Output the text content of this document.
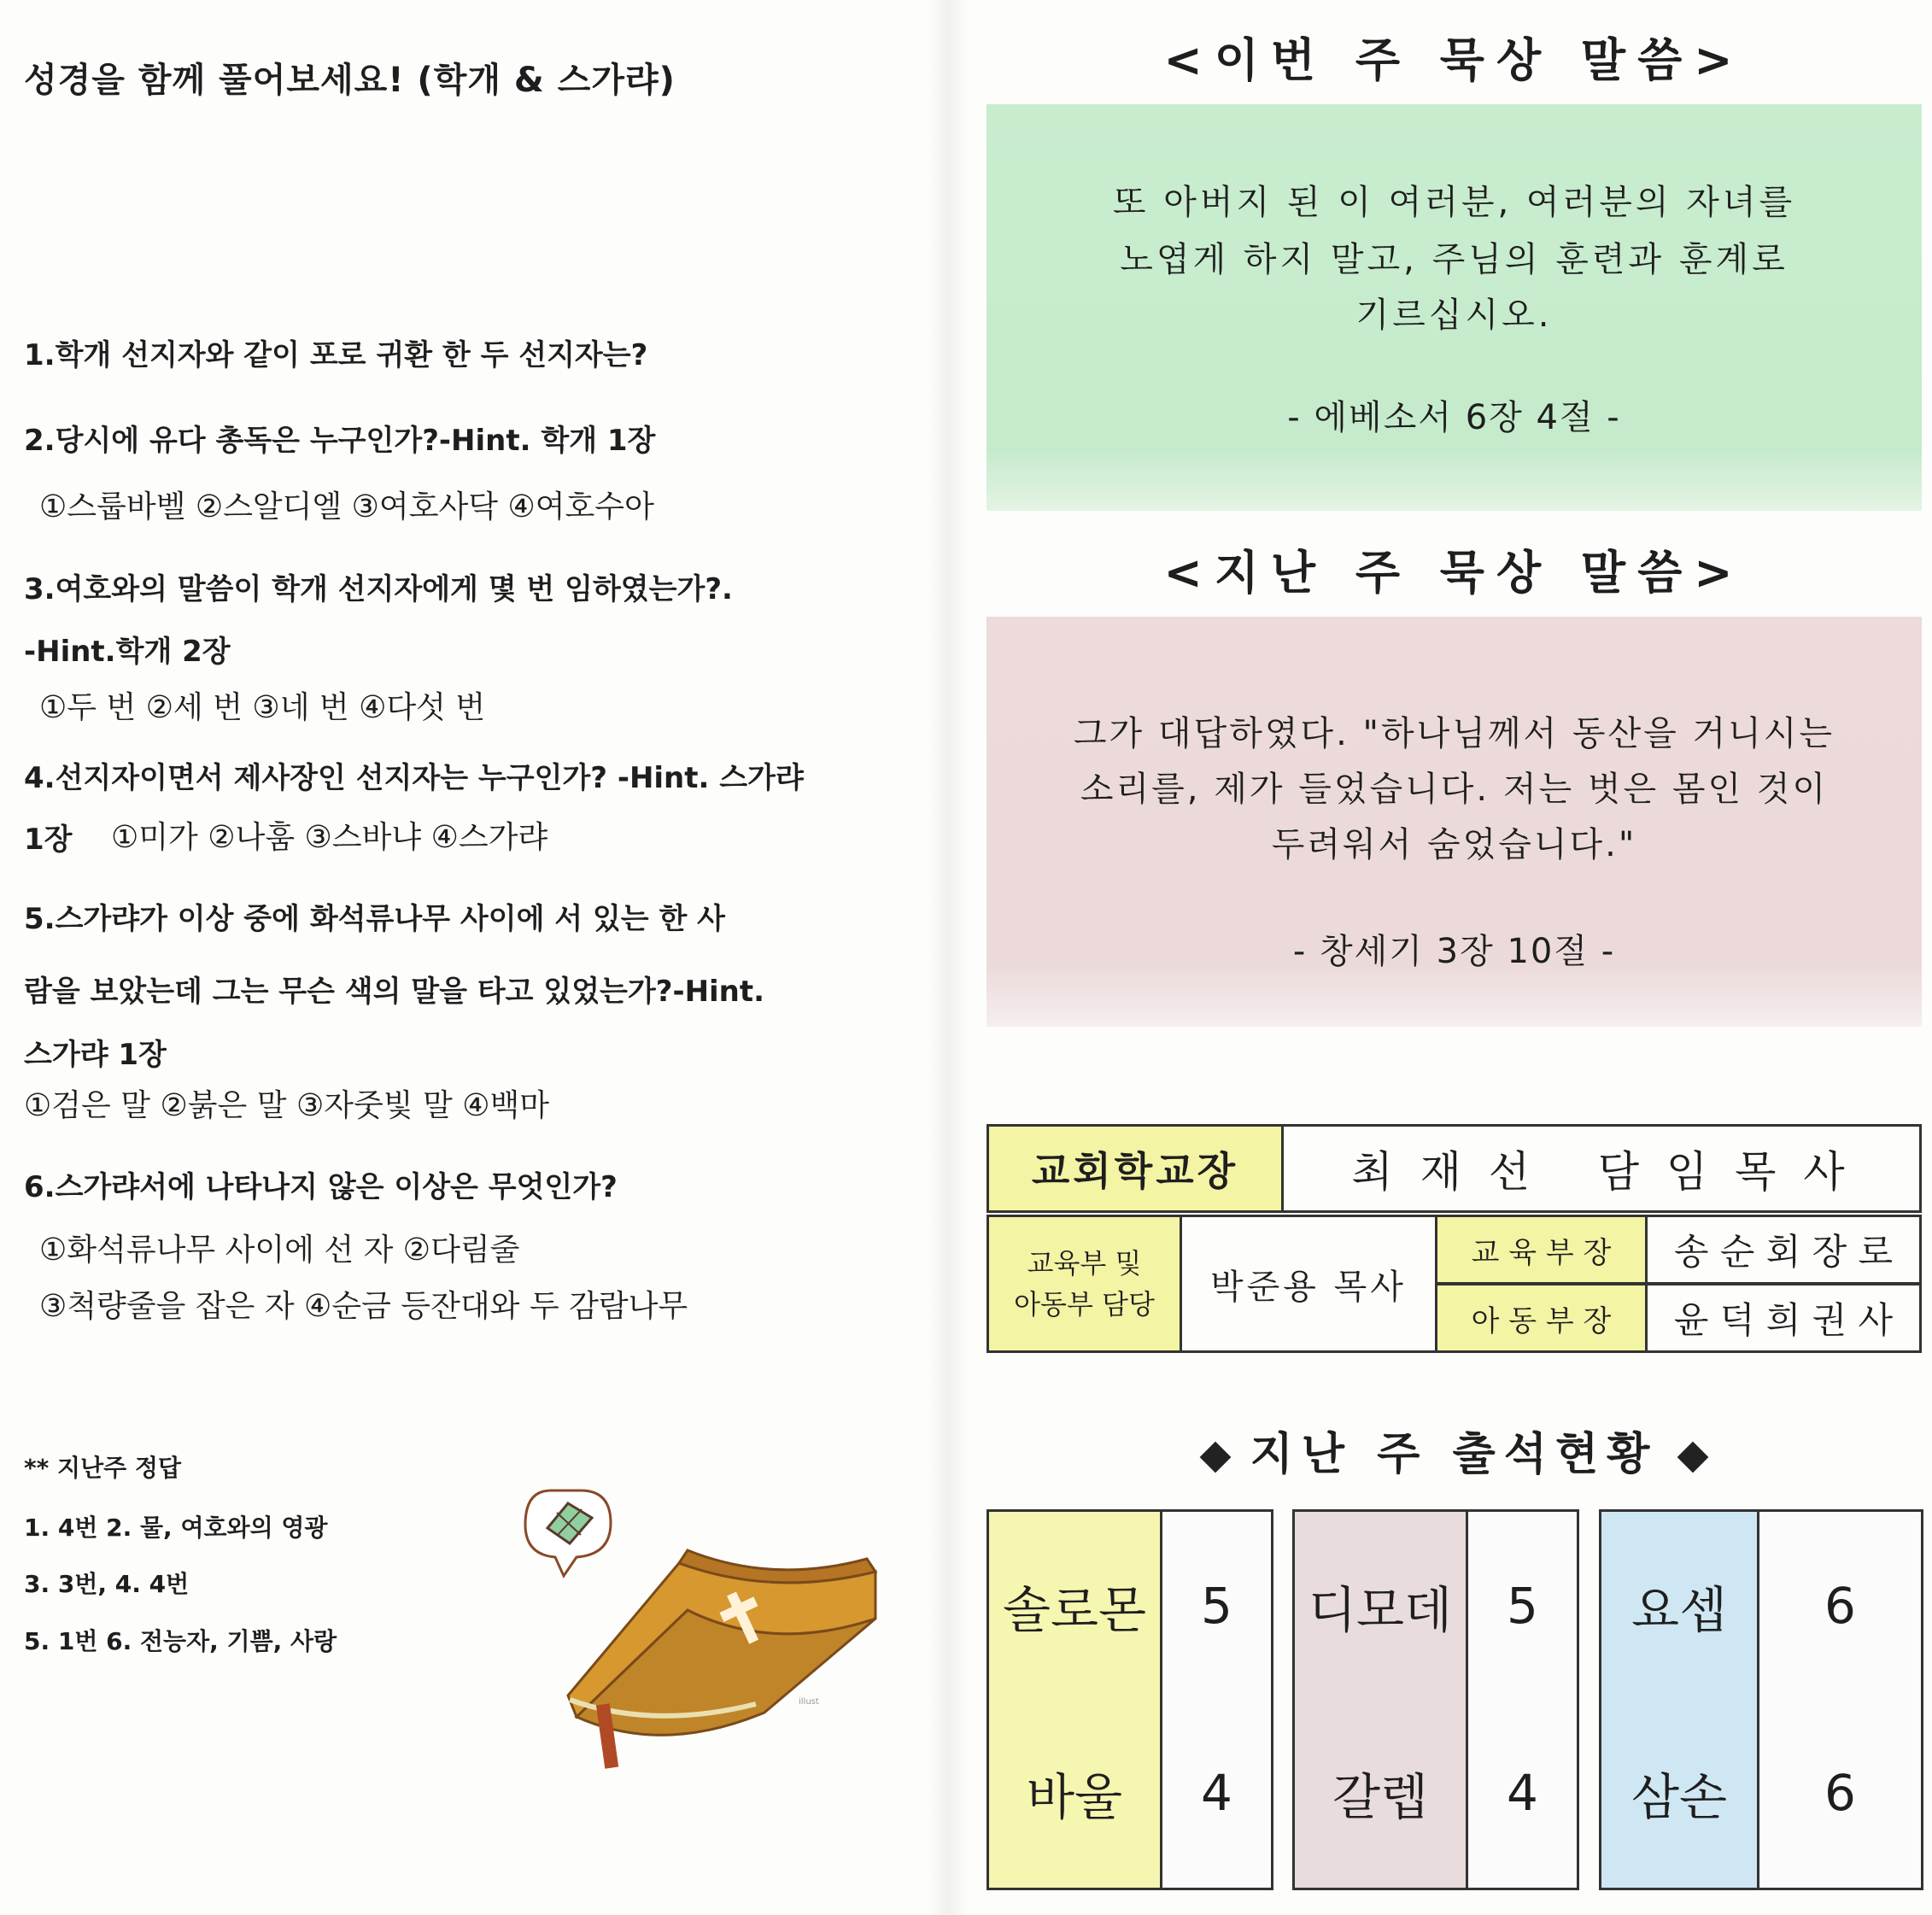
성경을 함께 풀어보세요! (학개 & 스가랴)
1.학개 선지자와 같이 포로 귀환 한 두 선지자는?
2.당시에 유다 총독은 누구인가?-Hint. 학개 1장
①스룹바벨 ②스알디엘 ③여호사닥 ④여호수아
3.여호와의 말씀이 학개 선지자에게 몇 번 임하였는가?.
-Hint.학개 2장
①두 번 ②세 번 ③네 번 ④다섯 번
4.선지자이면서 제사장인 선지자는 누구인가? -Hint. 스가랴
1장 ①미가 ②나훔 ③스바냐 ④스가랴
5.스가랴가 이상 중에 화석류나무 사이에 서 있는 한 사
람을 보았는데 그는 무슨 색의 말을 타고 있었는가?-Hint.
스가랴 1장
①검은 말 ②붉은 말 ③자줏빛 말 ④백마
6.스가랴서에 나타나지 않은 이상은 무엇인가?
①화석류나무 사이에 선 자 ②다림줄
③척량줄을 잡은 자 ④순금 등잔대와 두 감람나무
** 지난주 정답
1. 4번 2. 물, 여호와의 영광
3. 3번, 4. 4번
5. 1번 6. 전능자, 기쁨, 사랑
illust
<이번 주 묵상 말씀>
또 아버지 된 이 여러분, 여러분의 자녀를
노엽게 하지 말고, 주님의 훈련과 훈계로
기르십시오.
- 에베소서 6장 4절 -
<지난 주 묵상 말씀>
그가 대답하였다. "하나님께서 동산을 거니시는
소리를, 제가 들었습니다. 저는 벗은 몸인 것이
두려워서 숨었습니다."
- 창세기 3장 10절 -
교회학교장	최 재 선   담 임 목 사
교육부 및
아동부 담당	박준용 목사
교 육 부 장	송 순 회 장 로
아 동 부 장	윤 덕 희 권 사
지난 주 출석현황
솔로몬	5	디모데	5	요셉	6
바울	4	갈렙	4	삼손	6
